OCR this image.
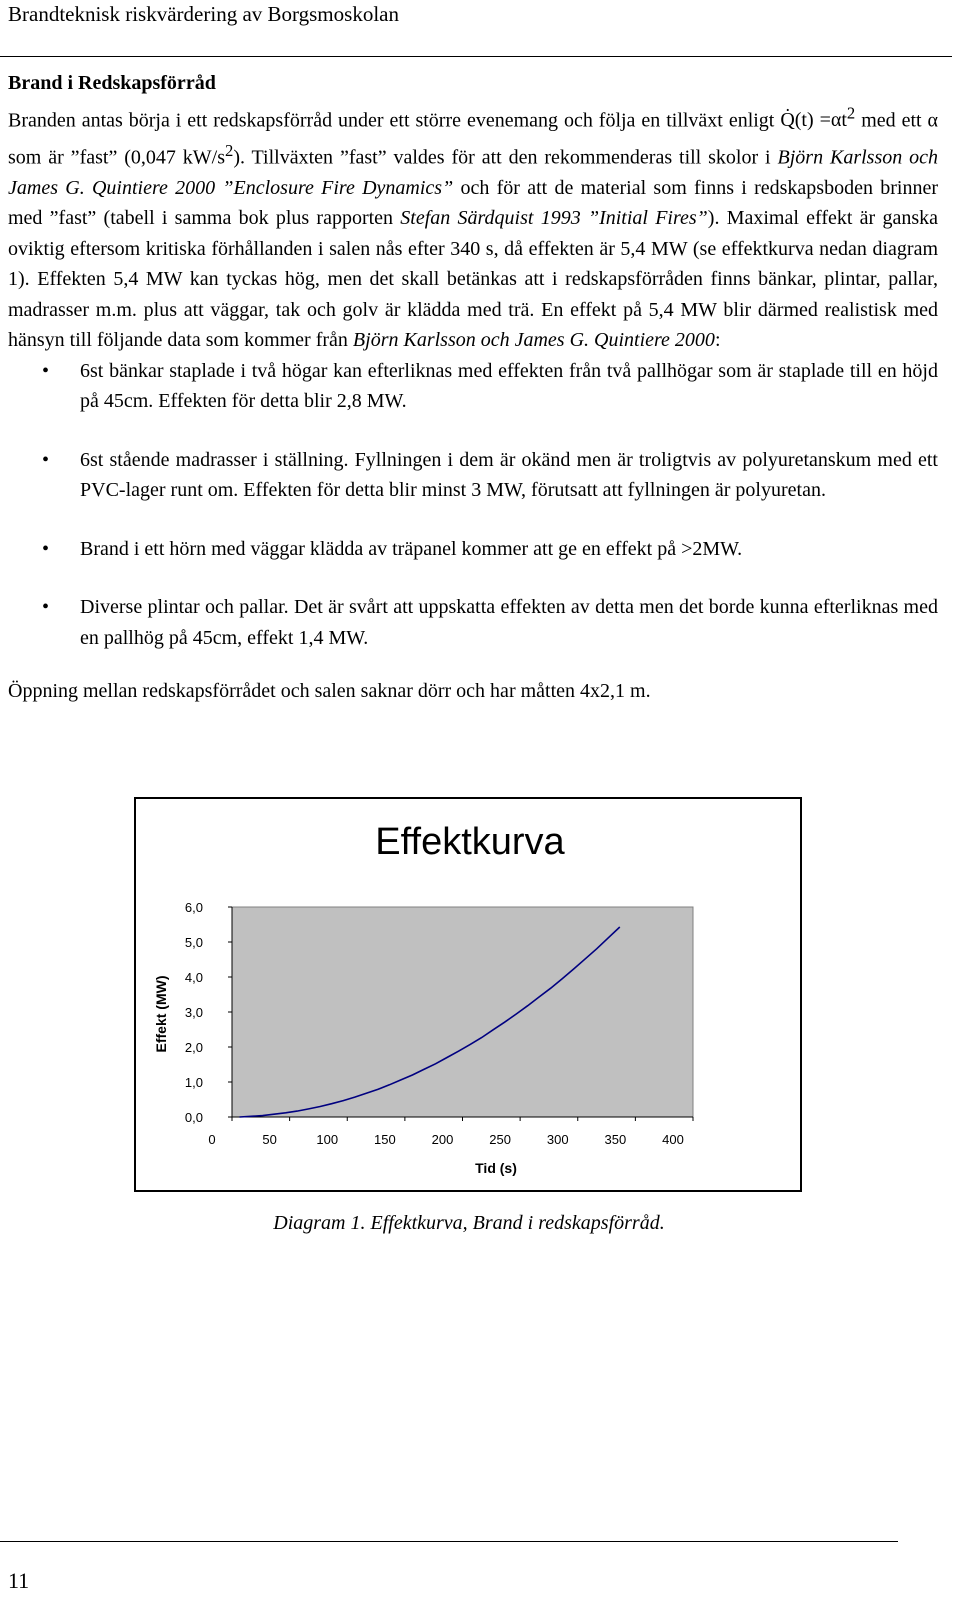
Brandteknisk riskvärdering av Borgsmoskolan
Brand i Redskapsförråd

Branden antas börja i ett redskapsförråd under ett större evenemang och följa en tillväxt enligt Q̇(t) $=\alpha t^2$ med ett α som är ”fast” (0,047 $kW/s^2$). Tillväxten ”fast” valdes för att den rekommenderas till skolor i Björn Karlsson och James G. Quintiere 2000 ”Enclosure Fire Dynamics” och för att de material som finns i redskapsboden brinner med ”fast” (tabell i samma bok plus rapporten Stefan Särdquist 1993 ”Initial Fires”). Maximal effekt är ganska oviktig eftersom kritiska förhållanden i salen nås efter 340 s, då effekten är 5,4 MW (se effektkurva nedan diagram 1). Effekten 5,4 MW kan tyckas hög, men det skall betänkas att i redskapsförråden finns bänkar, plintar, pallar, madrasser m.m. plus att väggar, tak och golv är klädda med trä. En effekt på 5,4 MW blir därmed realistisk med hänsyn till följande data som kommer från Björn Karlsson och James G. Quintiere 2000:

• 6st bänkar staplade i två högar kan efterliknas med effekten från två pallhögar som är staplade till en höjd på 45cm. Effekten för detta blir 2,8 MW.
• 6st stående madrasser i ställning. Fyllningen i dem är okänd men är troligtvis av polyuretanskum med ett PVC-lager runt om. Effekten för detta blir minst 3 MW, förutsatt att fyllningen är polyuretan.
• Brand i ett hörn med väggar klädda av träpanel kommer att ge en effekt på >2MW.
• Diverse plintar och pallar. Det är svårt att uppskatta effekten av detta men det borde kunna efterliknas med en pallhög på 45cm, effekt 1,4 MW.

Öppning mellan redskapsförrådet och salen saknar dörr och har måtten 4x2,1 m.

Effektkurva
Effekt (MW)
Tid (s)
0,0
1,0
2,0
3,0
4,0
5,0
6,0
0	50	100	150	200	250	300	350	400
Diagram 1. Effektkurva, Brand i redskapsförråd.
11
